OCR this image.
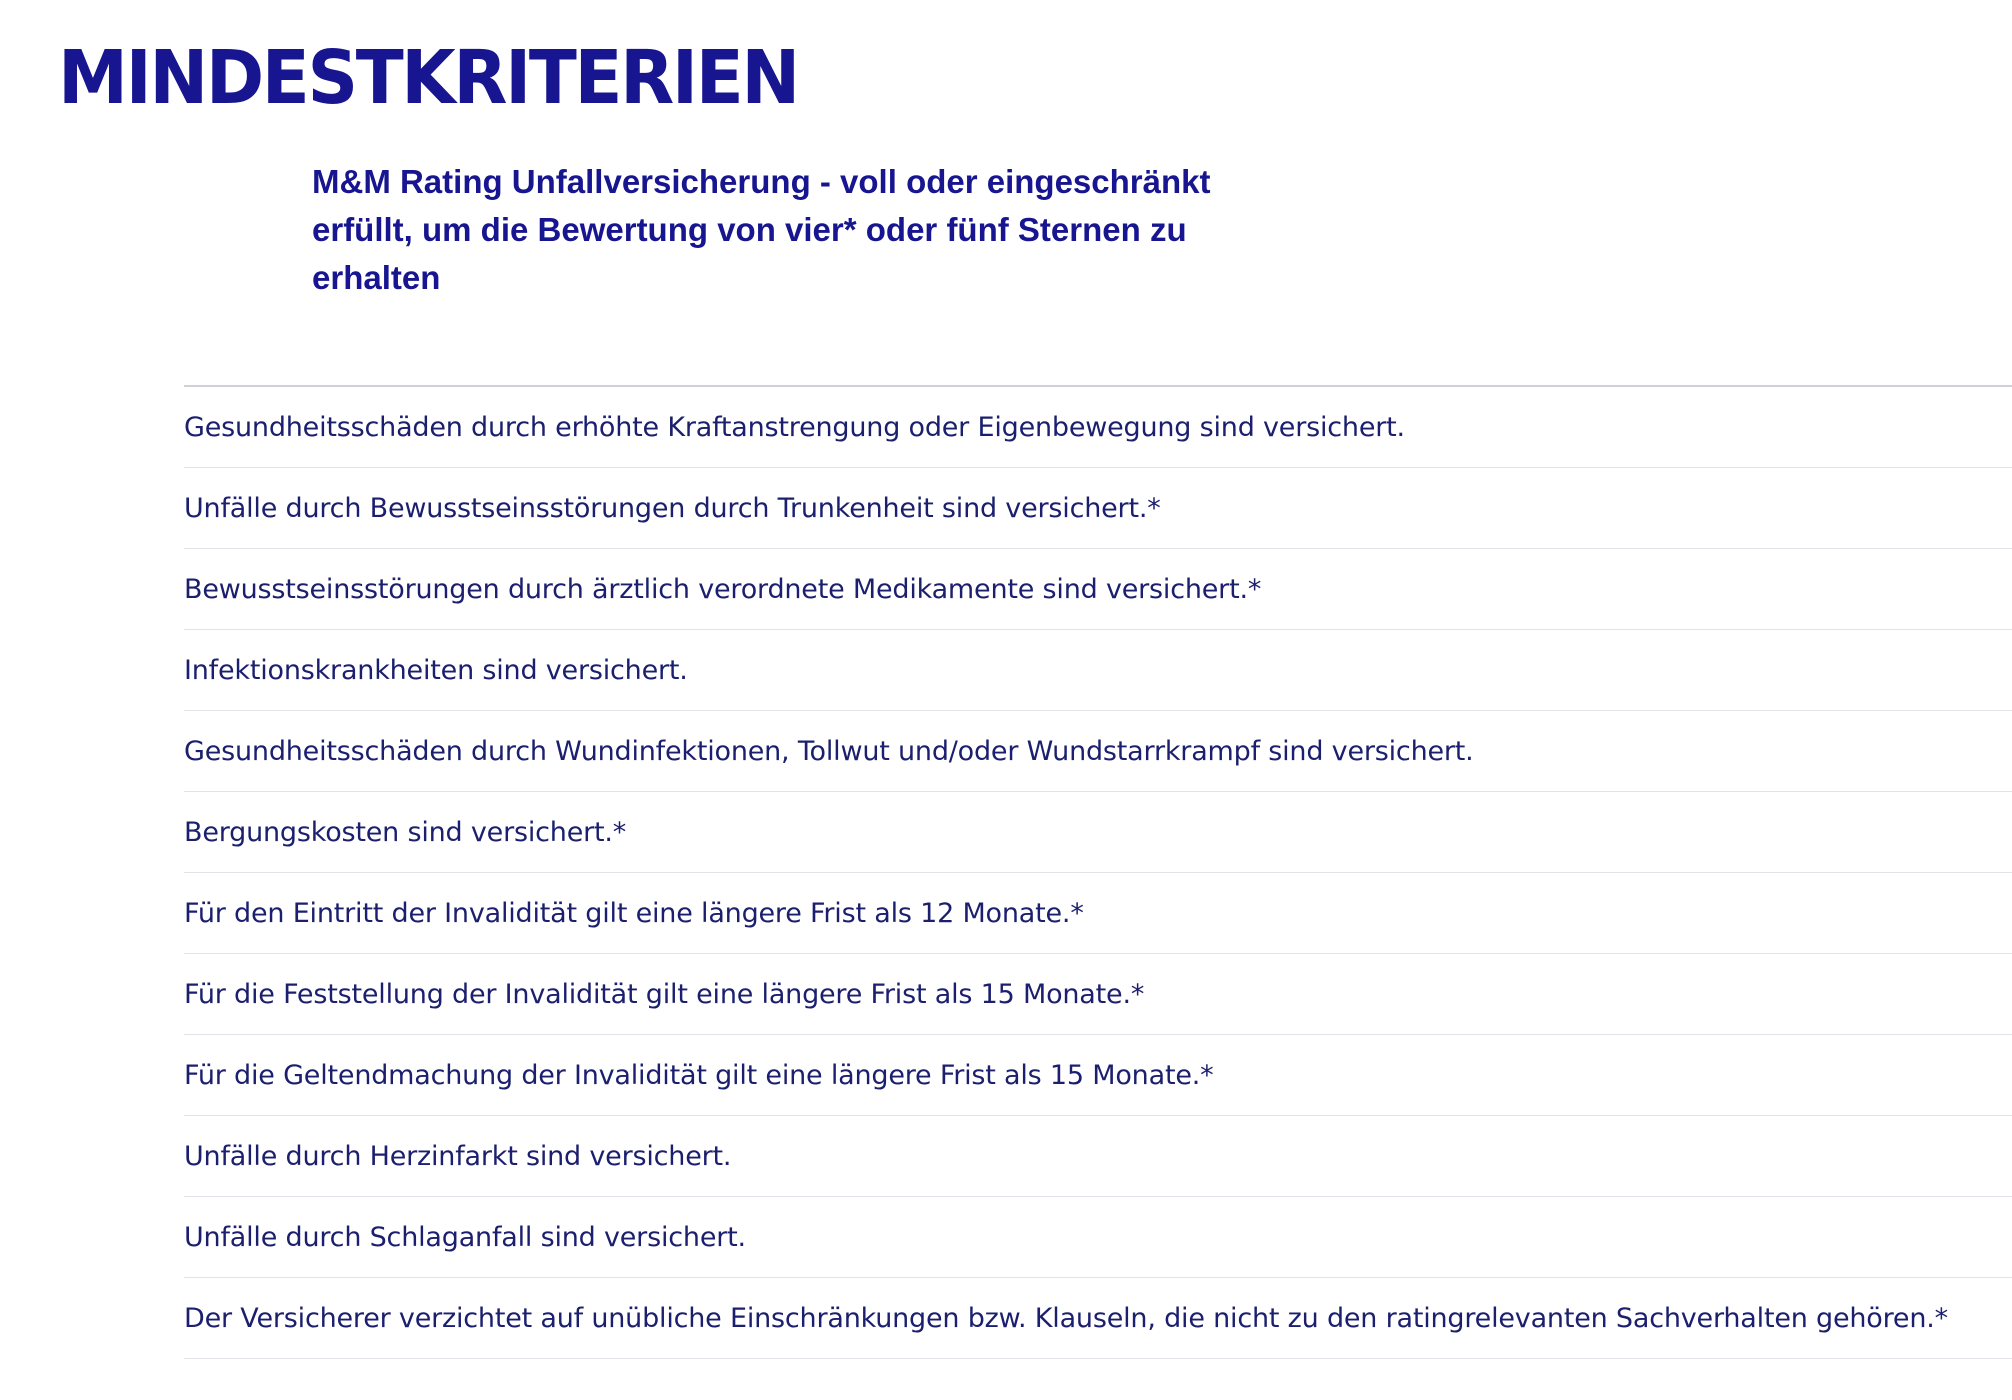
MINDESTKRITERIEN

M&M Rating Unfallversicherung - voll oder eingeschränkt erfüllt, um die Bewertung von vier* oder fünf Sternen zu erhalten

Gesundheitsschäden durch erhöhte Kraftanstrengung oder Eigenbewegung sind versichert.
Unfälle durch Bewusstseinsstörungen durch Trunkenheit sind versichert.*
Bewusstseinsstörungen durch ärztlich verordnete Medikamente sind versichert.*
Infektionskrankheiten sind versichert.
Gesundheitsschäden durch Wundinfektionen, Tollwut und/oder Wundstarrkrampf sind versichert.
Bergungskosten sind versichert.*
Für den Eintritt der Invalidität gilt eine längere Frist als 12 Monate.*
Für die Feststellung der Invalidität gilt eine längere Frist als 15 Monate.*
Für die Geltendmachung der Invalidität gilt eine längere Frist als 15 Monate.*
Unfälle durch Herzinfarkt sind versichert.
Unfälle durch Schlaganfall sind versichert.
Der Versicherer verzichtet auf unübliche Einschränkungen bzw. Klauseln, die nicht zu den ratingrelevanten Sachverhalten gehören.*
